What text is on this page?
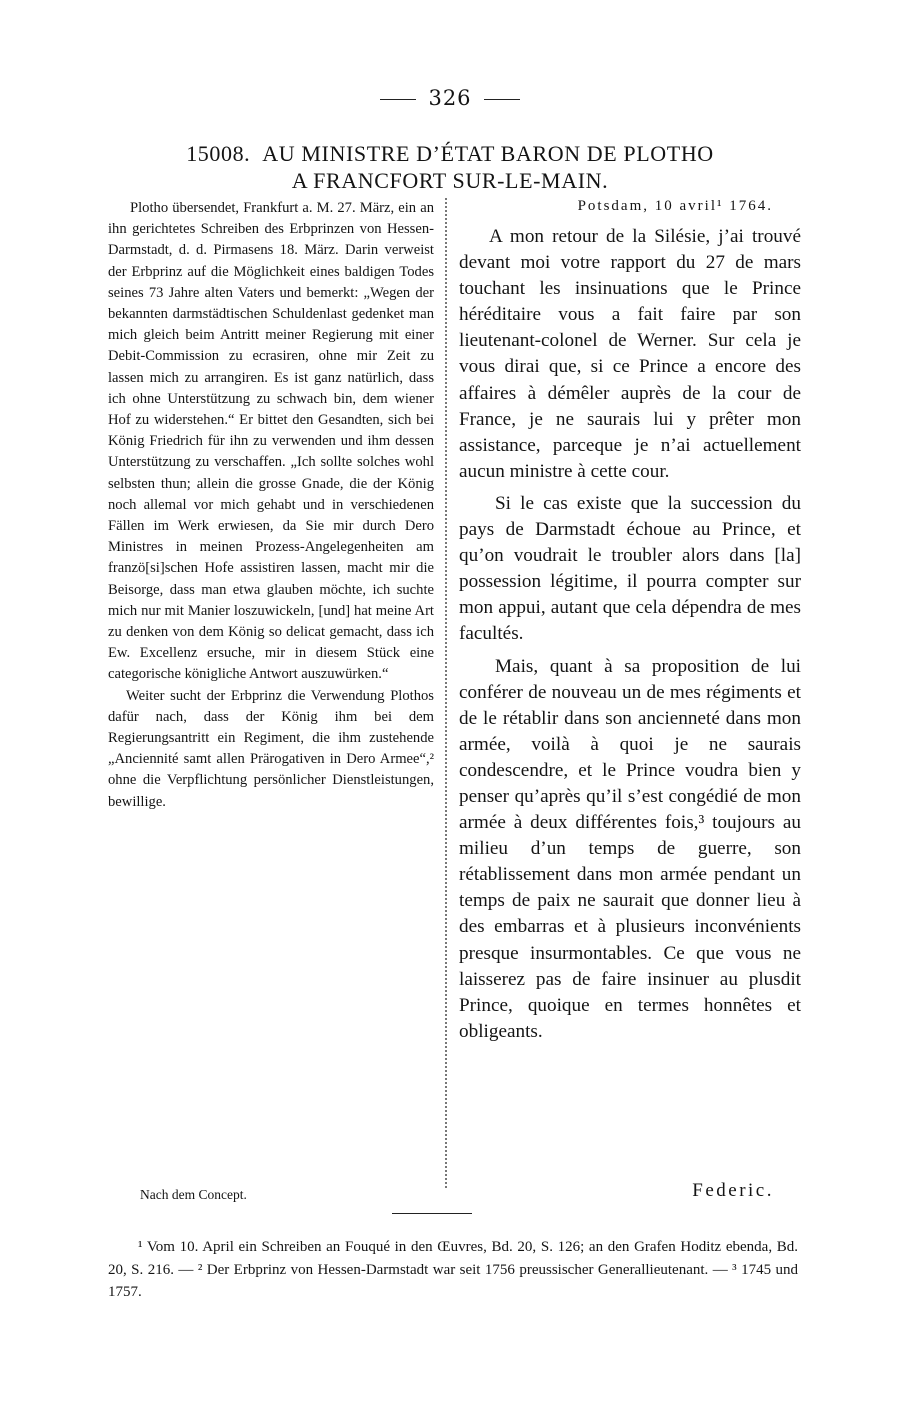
326
15008. AU MINISTRE D’ÉTAT BARON DE PLOTHO
A FRANCFORT SUR-LE-MAIN.

Plotho übersendet, Frankfurt a. M. 27. März, ein an ihn gerichtetes Schreiben des Erbprinzen von Hessen-Darmstadt, d. d. Pirmasens 18. März. Darin verweist der Erbprinz auf die Möglichkeit eines baldigen Todes seines 73 Jahre alten Vaters und bemerkt: „Wegen der bekannten darmstädtischen Schuldenlast gedenket man mich gleich beim Antritt meiner Regierung mit einer Debit-Commission zu ecrasiren, ohne mir Zeit zu lassen mich zu arrangiren. Es ist ganz natürlich, dass ich ohne Unterstützung zu schwach bin, dem wiener Hof zu widerstehen.“ Er bittet den Gesandten, sich bei König Friedrich für ihn zu verwenden und ihm dessen Unterstützung zu verschaffen. „Ich sollte solches wohl selbsten thun; allein die grosse Gnade, die der König noch allemal vor mich gehabt und in verschiedenen Fällen im Werk erwiesen, da Sie mir durch Dero Ministres in meinen Prozess-Angelegenheiten am franzö[si]schen Hofe assistiren lassen, macht mir die Beisorge, dass man etwa glauben möchte, ich suchte mich nur mit Manier loszuwickeln, [und] hat meine Art zu denken von dem König so delicat gemacht, dass ich Ew. Excellenz ersuche, mir in diesem Stück eine categorische königliche Antwort auszuwürken.“

Weiter sucht der Erbprinz die Verwendung Plothos dafür nach, dass der König ihm bei dem Regierungsantritt ein Regiment, die ihm zustehende „Anciennité samt allen Prärogativen in Dero Armee“,² ohne die Verpflichtung persönlicher Dienstleistungen, bewillige.

Potsdam, 10 avril¹ 1764.

A mon retour de la Silésie, j’ai trouvé devant moi votre rapport du 27 de mars touchant les insinuations que le Prince héréditaire vous a fait faire par son lieutenant-colonel de Werner. Sur cela je vous dirai que, si ce Prince a encore des affaires à démêler auprès de la cour de France, je ne saurais lui y prêter mon assistance, parceque je n’ai actuellement aucun ministre à cette cour.

Si le cas existe que la succession du pays de Darmstadt échoue au Prince, et qu’on voudrait le troubler alors dans [la] possession légitime, il pourra compter sur mon appui, autant que cela dépendra de mes facultés.

Mais, quant à sa proposition de lui conférer de nouveau un de mes régiments et de le rétablir dans son ancienneté dans mon armée, voilà à quoi je ne saurais condescendre, et le Prince voudra bien y penser qu’après qu’il s’est congédié de mon armée à deux différentes fois,³ toujours au milieu d’un temps de guerre, son rétablissement dans mon armée pendant un temps de paix ne saurait que donner lieu à des embarras et à plusieurs inconvénients presque insurmontables. Ce que vous ne laisserez pas de faire insinuer au plusdit Prince, quoique en termes honnêtes et obligeants.

Nach dem Concept.	Federic.
¹ Vom 10. April ein Schreiben an Fouqué in den Œuvres, Bd. 20, S. 126; an den Grafen Hoditz ebenda, Bd. 20, S. 216. — ² Der Erbprinz von Hessen-Darmstadt war seit 1756 preussischer Generallieutenant. — ³ 1745 und 1757.
